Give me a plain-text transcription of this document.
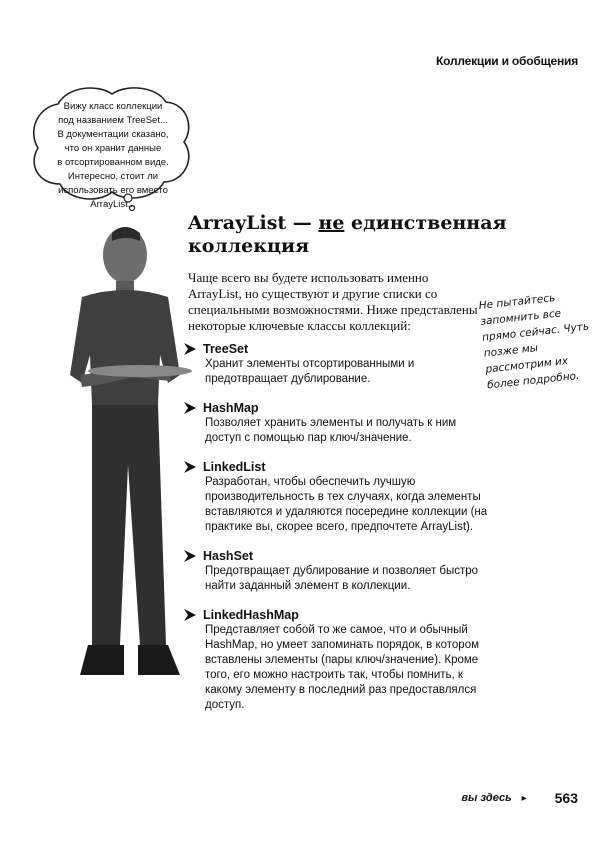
Коллекции и обобщения
Вижу класс коллекции
под названием TreeSet...
В документации сказано,
что он хранит данные
в отсортированном виде.
Интересно, стоит ли
использовать его вместо
ArrayList...
ArrayList — не единственная
коллекция
Чаще всего вы будете использовать именно ArrayList, но существуют и другие списки со специальными возможностями. Ниже представлены некоторые ключевые классы коллекций:
Не пытайтесь запомнить все прямо сейчас. Чуть позже мы рассмотрим их более подробно.
TreeSet
Хранит элементы отсортированными и предотвращает дублирование.
HashMap
Позволяет хранить элементы и получать к ним доступ с помощью пар ключ/значение.
LinkedList
Разработан, чтобы обеспечить лучшую производительность в тех случаях, когда элементы вставляются и удаляются посередине коллекции (на практике вы, скорее всего, предпочтете ArrayList).
HashSet
Предотвращает дублирование и позволяет быстро найти заданный элемент в коллекции.
LinkedHashMap
Представляет собой то же самое, что и обычный HashMap, но умеет запоминать порядок, в котором вставлены элементы (пары ключ/значение). Кроме того, его можно настроить так, чтобы помнить, к какому элементу в последний раз предоставлялся доступ.
вы здесь ▸ 563
